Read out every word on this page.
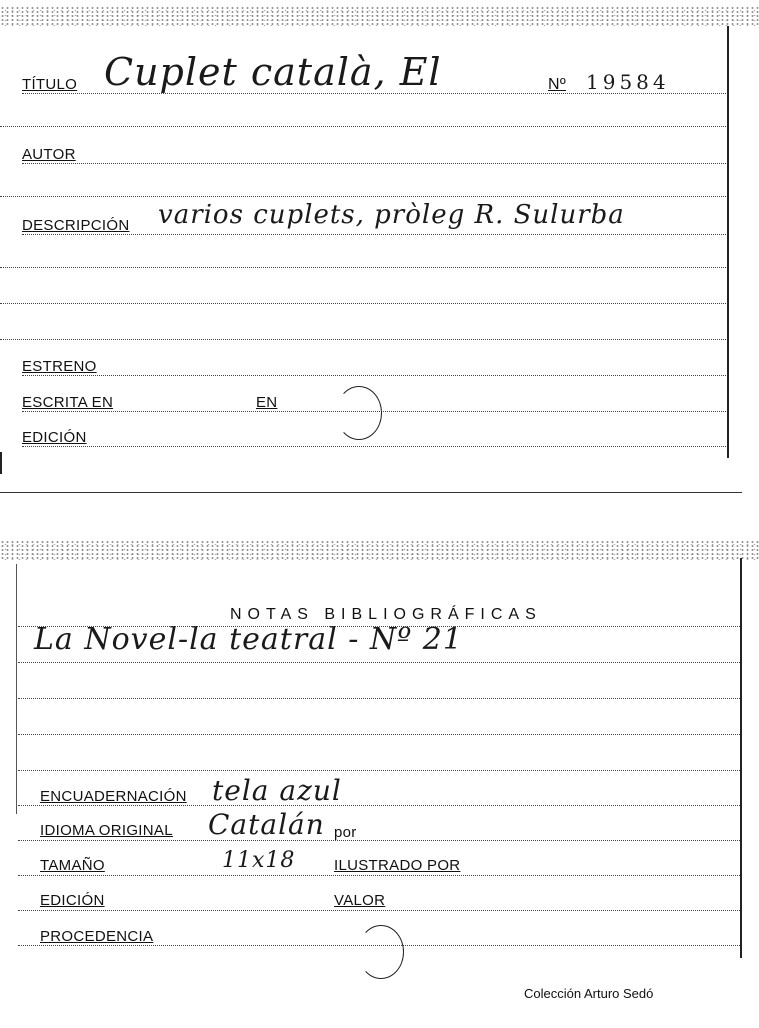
TÍTULO Cuplet català, El	Nº 19584
AUTOR
DESCRIPCIÓN varios cuplets, pròleg R. Sulurba
ESTRENO
ESCRITA EN	EN
EDICIÓN
NOTAS BIBLIOGRÁFICAS
La Novel-la teatral - Nº 21
ENCUADERNACIÓN tela azul
IDIOMA ORIGINAL Catalán por
TAMAÑO	11x18	ILUSTRADO POR
EDICIÓN	VALOR
PROCEDENCIA
Colección Arturo Sedó
